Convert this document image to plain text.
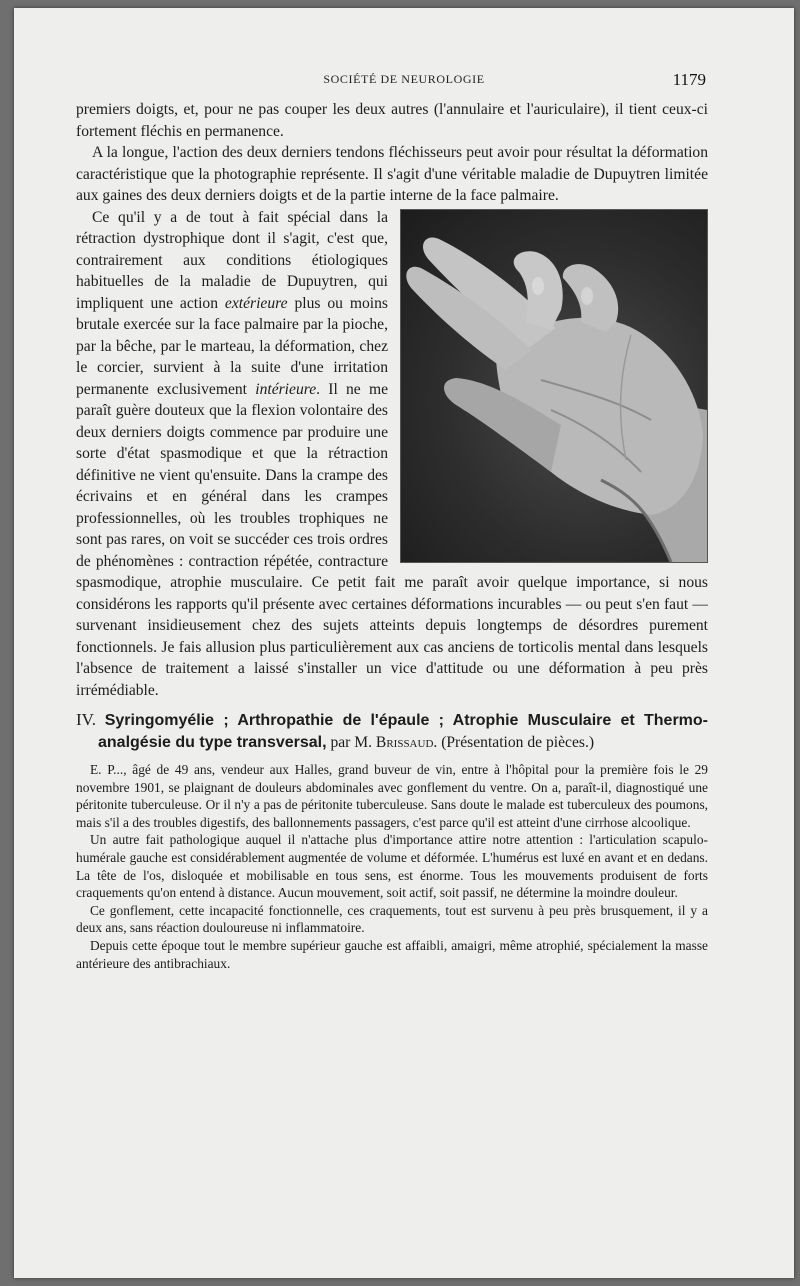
SOCIÉTÉ DE NEUROLOGIE	1179

premiers doigts, et, pour ne pas couper les deux autres (l'annulaire et l'auriculaire), il tient ceux-ci fortement fléchis en permanence.

A la longue, l'action des deux derniers tendons fléchisseurs peut avoir pour résultat la déformation caractéristique que la photographie représente. Il s'agit d'une véritable maladie de Dupuytren limitée aux gaines des deux derniers doigts et de la partie interne de la face palmaire.

Ce qu'il y a de tout à fait spécial dans la rétraction dystrophique dont il s'agit, c'est que, contrairement aux conditions étiologiques habituelles de la maladie de Dupuytren, qui impliquent une action extérieure plus ou moins brutale exercée sur la face palmaire par la pioche, par la bêche, par le marteau, la déformation, chez le corcier, survient à la suite d'une irritation permanente exclusivement intérieure. Il ne me paraît guère douteux que la flexion volontaire des deux derniers doigts commence par produire une sorte d'état spasmodique et que la rétraction définitive ne vient qu'ensuite. Dans la crampe des écrivains et en général dans les crampes professionnelles, où les troubles trophiques ne sont pas rares, on voit se succéder ces trois ordres de phénomènes : contraction répétée, contracture spasmodique, atrophie musculaire. Ce petit fait me paraît avoir quelque importance, si nous considérons les rapports qu'il présente avec certaines déformations incurables — ou peut s'en faut — survenant insidieusement chez des sujets atteints depuis longtemps de désordres purement fonctionnels. Je fais allusion plus particulièrement aux cas anciens de torticolis mental dans lesquels l'absence de traitement a laissé s'installer un vice d'attitude ou une déformation à peu près irrémédiable.

IV. Syringomyélie ; Arthropathie de l'épaule ; Atrophie Musculaire et Thermo-analgésie du type transversal, par M. Brissaud. (Présentation de pièces.)

E. P..., âgé de 49 ans, vendeur aux Halles, grand buveur de vin, entre à l'hôpital pour la première fois le 29 novembre 1901, se plaignant de douleurs abdominales avec gonflement du ventre. On a, paraît-il, diagnostiqué une péritonite tuberculeuse. Or il n'y a pas de péritonite tuberculeuse. Sans doute le malade est tuberculeux des poumons, mais s'il a des troubles digestifs, des ballonnements passagers, c'est parce qu'il est atteint d'une cirrhose alcoolique.

Un autre fait pathologique auquel il n'attache plus d'importance attire notre attention : l'articulation scapulo-humérale gauche est considérablement augmentée de volume et déformée. L'humérus est luxé en avant et en dedans. La tête de l'os, disloquée et mobilisable en tous sens, est énorme. Tous les mouvements produisent de forts craquements qu'on entend à distance. Aucun mouvement, soit actif, soit passif, ne détermine la moindre douleur.

Ce gonflement, cette incapacité fonctionnelle, ces craquements, tout est survenu à peu près brusquement, il y a deux ans, sans réaction douloureuse ni inflammatoire.

Depuis cette époque tout le membre supérieur gauche est affaibli, amaigri, même atrophié, spécialement la masse antérieure des antibrachiaux.
